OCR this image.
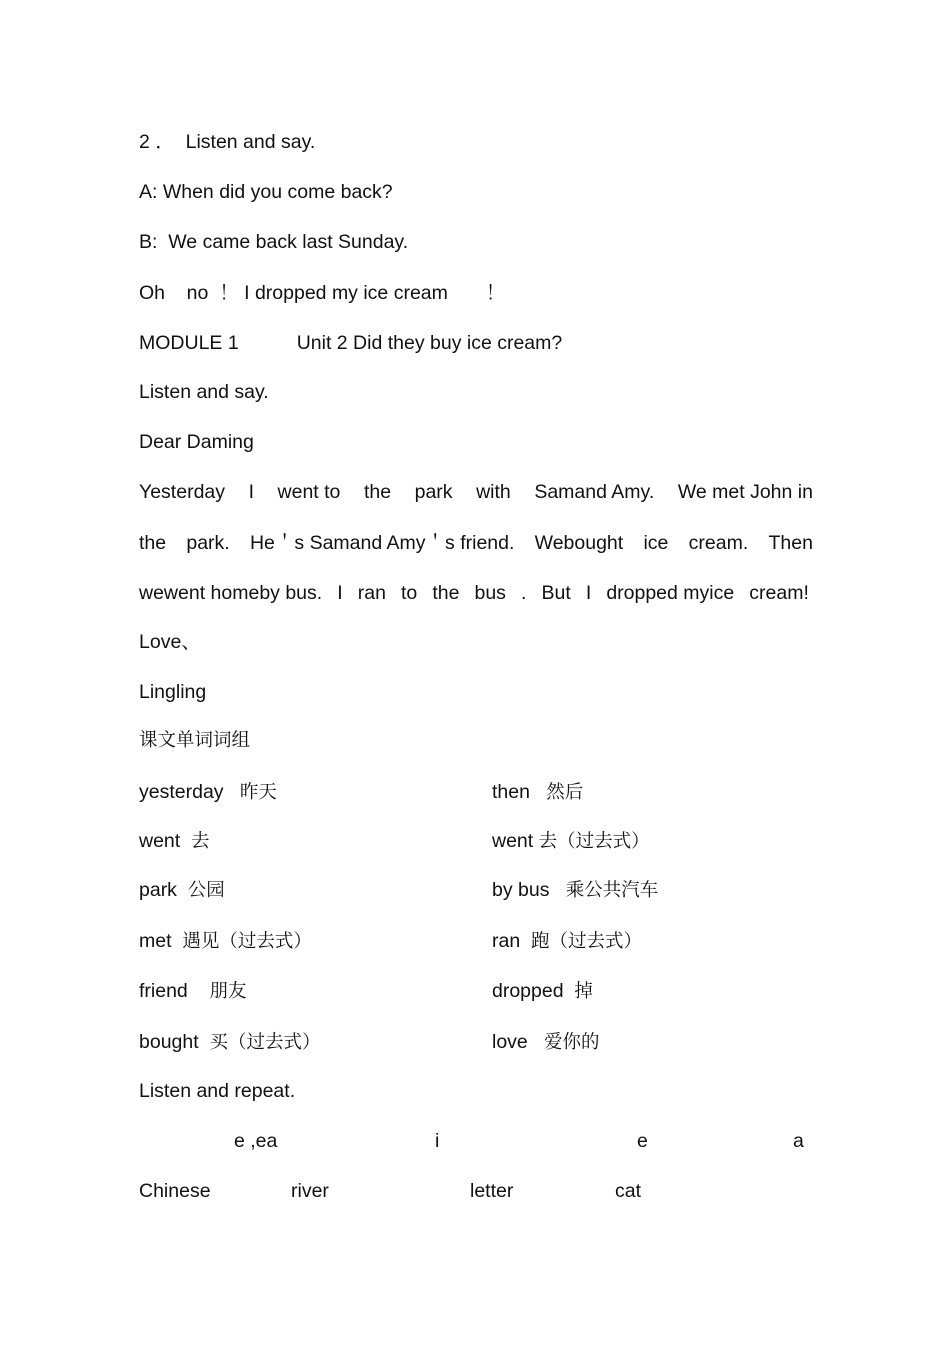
2 ． Listen and say.
A: When did you come back?
B:  We came back last Sunday.
Oh    no  ！ I dropped my ice cream       ！
MODULE 1	Unit 2 Did they buy ice cream?
Listen and say.
Dear Daming
Yesterday I went to the park with Samand Amy. We met John in
the park. He＇s Samand Amy＇s friend. Webought ice cream. Then
wewent homeby bus. I ran to the bus . But I dropped myice cream!
Love、
Lingling
课文单词词组
yesterday 昨天	then 然后
went 去	went 去（过去式）
park 公园	by bus 乘公共汽车
met 遇见（过去式）	ran 跑（过去式）
friend 朋友	dropped 掉
bought 买（过去式）	love 爱你的
Listen and repeat.
e ,ea	i	e	a
Chinese	river	letter	cat
